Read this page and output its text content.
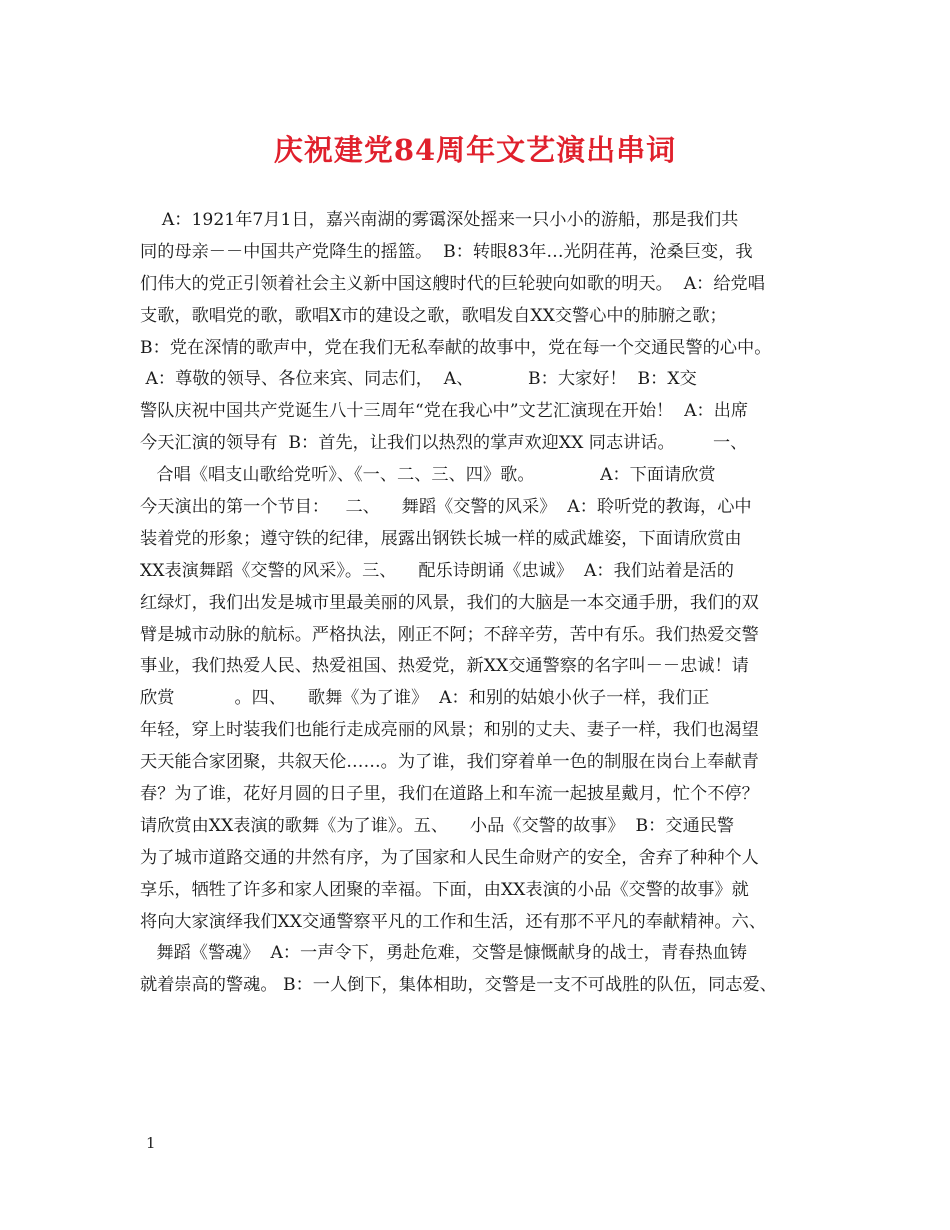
庆祝建党84周年文艺演出串词
A：1921年7月1日，嘉兴南湖的雾霭深处摇来一只小小的游船，那是我们共
同的母亲－－中国共产党降生的摇篮。  B：转眼83年…光阴荏苒，沧桑巨变，我
们伟大的党正引领着社会主义新中国这艘时代的巨轮驶向如歌的明天。  A：给党唱
支歌，歌唱党的歌，歌唱X市的建设之歌，歌唱发自XX交警心中的肺腑之歌；
B：党在深情的歌声中，党在我们无私奉献的故事中，党在每一个交通民警的心中。
A：尊敬的领导、各位来宾、同志们，  A、          B：大家好！  B：X交
警队庆祝中国共产党诞生八十三周年“党在我心中”文艺汇演现在开始！  A：出席
今天汇演的领导有  B：首先，让我们以热烈的掌声欢迎XX 同志讲话。       一、
合唱《唱支山歌给党听》、《一、二、三、四》歌。            A：下面请欣赏
今天演出的第一个节目：   二、    舞蹈《交警的风采》  A：聆听党的教诲，心中
装着党的形象；遵守铁的纪律，展露出钢铁长城一样的威武雄姿，下面请欣赏由
XX表演舞蹈《交警的风采》。三、    配乐诗朗诵《忠诚》  A：我们站着是活的
红绿灯，我们出发是城市里最美丽的风景，我们的大脑是一本交通手册，我们的双
臂是城市动脉的航标。严格执法，刚正不阿；不辞辛劳，苦中有乐。我们热爱交警
事业，我们热爱人民、热爱祖国、热爱党，新XX交通警察的名字叫－－忠诚！请
欣赏           。四、    歌舞《为了谁》  A：和别的姑娘小伙子一样，我们正
年轻，穿上时装我们也能行走成亮丽的风景；和别的丈夫、妻子一样，我们也渴望
天天能合家团聚，共叙天伦……。为了谁，我们穿着单一色的制服在岗台上奉献青
春？为了谁，花好月圆的日子里，我们在道路上和车流一起披星戴月，忙个不停？
请欣赏由XX表演的歌舞《为了谁》。五、    小品《交警的故事》  B：交通民警
为了城市道路交通的井然有序，为了国家和人民生命财产的安全，舍弃了种种个人
享乐，牺牲了许多和家人团聚的幸福。下面，由XX表演的小品《交警的故事》就
将向大家演绎我们XX交通警察平凡的工作和生活，还有那不平凡的奉献精神。六、
舞蹈《警魂》  A：一声令下，勇赴危难，交警是慷慨献身的战士，青春热血铸
就着崇高的警魂。 B：一人倒下，集体相助，交警是一支不可战胜的队伍，同志爱、
1
